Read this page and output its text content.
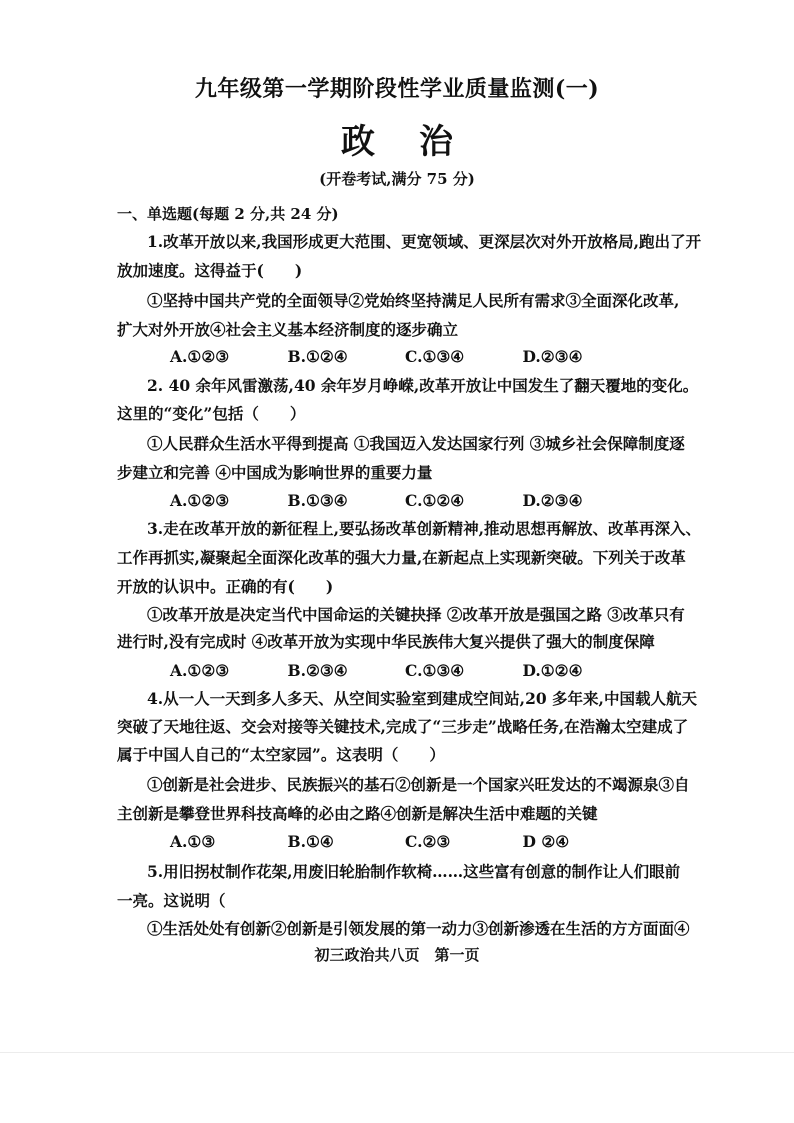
九年级第一学期阶段性学业质量监测(一)
政治
(开卷考试,满分 75 分)
一、单选题(每题 2 分,共 24 分)
1.改革开放以来,我国形成更大范围、更宽领域、更深层次对外开放格局,跑出了开
放加速度。这得益于(　　)
①坚持中国共产党的全面领导②党始终坚持满足人民所有需求③全面深化改革,
扩大对外开放④社会主义基本经济制度的逐步确立
A.①②③	B.①②④	C.①③④	D.②③④
2. 40 余年风雷激荡,40 余年岁月峥嵘,改革开放让中国发生了翻天覆地的变化。
这里的“变化”包括（　　）
①人民群众生活水平得到提高 ①我国迈入发达国家行列 ③城乡社会保障制度逐
步建立和完善 ④中国成为影响世界的重要力量
A.①②③	B.①③④	C.①②④	D.②③④
3.走在改革开放的新征程上,要弘扬改革创新精神,推动思想再解放、改革再深入、
工作再抓实,凝聚起全面深化改革的强大力量,在新起点上实现新突破。下列关于改革
开放的认识中。正确的有(　　)
①改革开放是决定当代中国命运的关键抉择 ②改革开放是强国之路 ③改革只有
进行时,没有完成时 ④改革开放为实现中华民族伟大复兴提供了强大的制度保障
A.①②③	B.②③④	C.①③④	D.①②④
4.从一人一天到多人多天、从空间实验室到建成空间站,20 多年来,中国载人航天
突破了天地往返、交会对接等关键技术,完成了“三步走”战略任务,在浩瀚太空建成了
属于中国人自己的“太空家园”。这表明（　　）
①创新是社会进步、民族振兴的基石②创新是一个国家兴旺发达的不竭源泉③自
主创新是攀登世界科技高峰的必由之路④创新是解决生活中难题的关键
A.①③	B.①④	C.②③	D ②④
5.用旧拐杖制作花架,用废旧轮胎制作软椅……这些富有创意的制作让人们眼前
一亮。这说明（
①生活处处有创新②创新是引领发展的第一动力③创新渗透在生活的方方面面④
初三政治共八页　第一页
